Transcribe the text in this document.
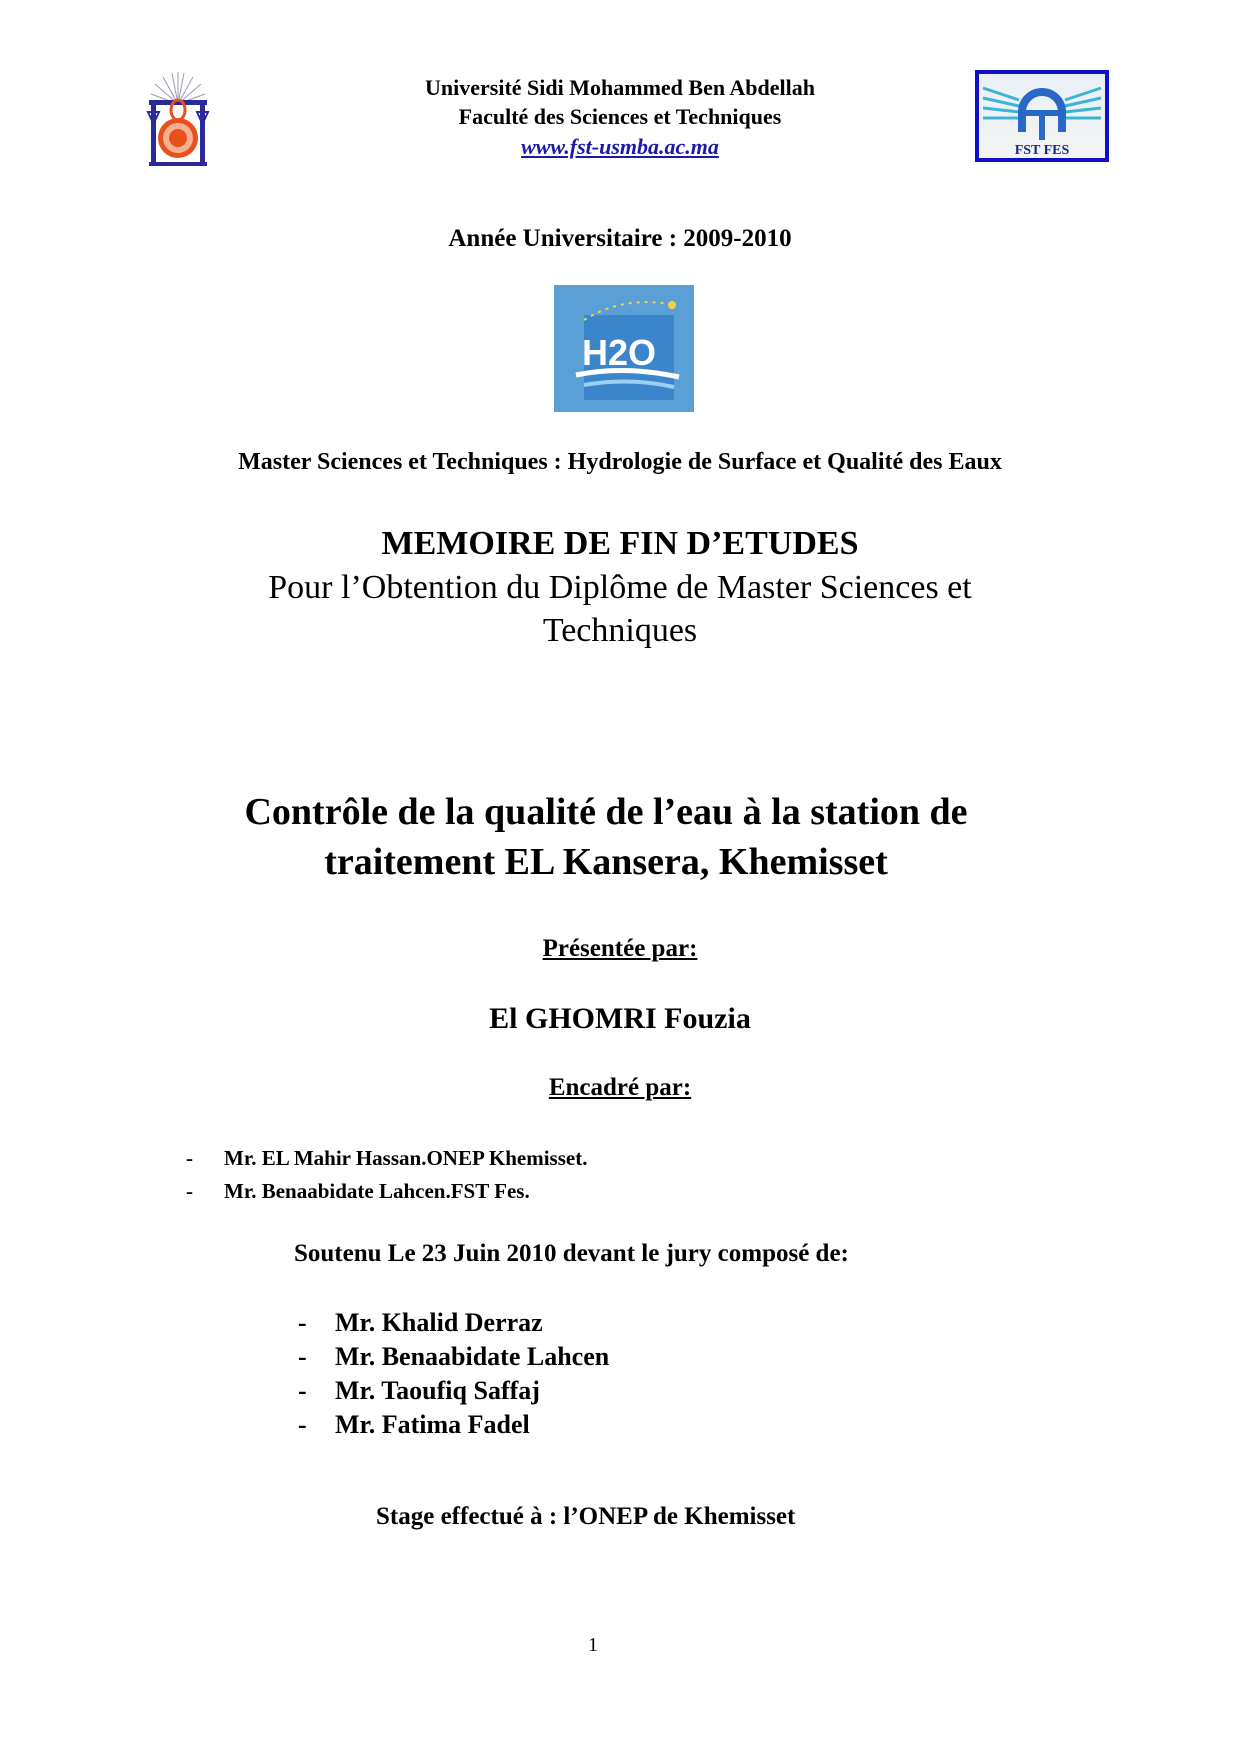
Université Sidi Mohammed Ben Abdellah
Faculté des Sciences et Techniques
www.fst-usmba.ac.ma	FST FES
Année Universitaire : 2009-2010
H2O
Master Sciences et Techniques : Hydrologie de Surface et Qualité des Eaux
MEMOIRE DE FIN D’ETUDES
Pour l’Obtention du Diplôme de Master Sciences et
Techniques
Contrôle de la qualité de l’eau à la station de
traitement EL Kansera, Khemisset
Présentée par:
El GHOMRI Fouzia
Encadré par:
- Mr. EL Mahir Hassan.ONEP Khemisset.
- Mr. Benaabidate Lahcen.FST Fes.
Soutenu Le 23 Juin 2010 devant le jury composé de:
- Mr. Khalid Derraz
- Mr. Benaabidate Lahcen
- Mr. Taoufiq Saffaj
- Mr. Fatima Fadel
Stage effectué à : l’ONEP de Khemisset
1
